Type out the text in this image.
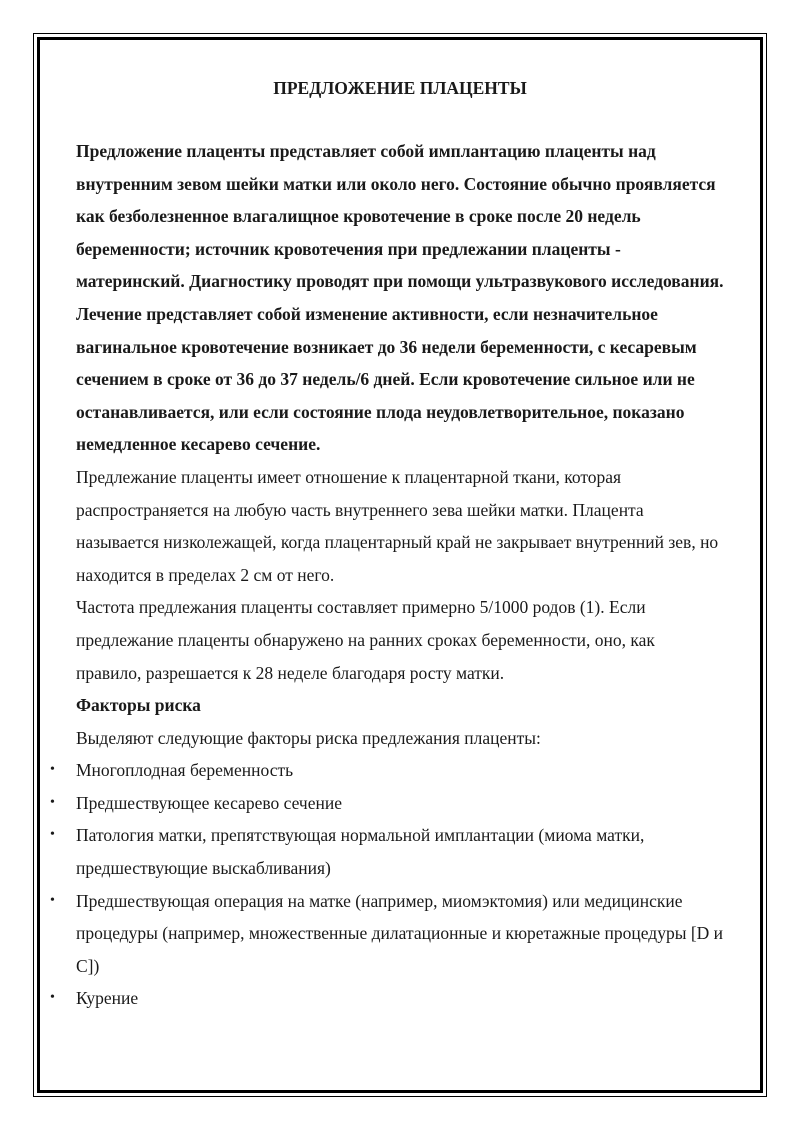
ПРЕДЛОЖЕНИЕ ПЛАЦЕНТЫ

Предложение плаценты представляет собой имплантацию плаценты над внутренним зевом шейки матки или около него. Состояние обычно проявляется как безболезненное влагалищное кровотечение в сроке после 20 недель беременности; источник кровотечения при предлежании плаценты - материнский. Диагностику проводят при помощи ультразвукового исследования. Лечение представляет собой изменение активности, если незначительное вагинальное кровотечение возникает до 36 недели беременности, с кесаревым сечением в сроке от 36 до 37 недель/6 дней. Если кровотечение сильное или не останавливается, или если состояние плода неудовлетворительное, показано немедленное кесарево сечение.

Предлежание плаценты имеет отношение к плацентарной ткани, которая распространяется на любую часть внутреннего зева шейки матки. Плацента называется низколежащей, когда плацентарный край не закрывает внутренний зев, но находится в пределах 2 см от него.

Частота предлежания плаценты составляет примерно 5/1000 родов (1). Если предлежание плаценты обнаружено на ранних сроках беременности, оно, как правило, разрешается к 28 неделе благодаря росту матки.

Факторы риска

Выделяют следующие факторы риска предлежания плаценты:

• Многоплодная беременность
• Предшествующее кесарево сечение
• Патология матки, препятствующая нормальной имплантации (миома матки, предшествующие выскабливания)
• Предшествующая операция на матке (например, миомэктомия) или медицинские процедуры (например, множественные дилатационные и кюретажные процедуры [D и C])
• Курение
